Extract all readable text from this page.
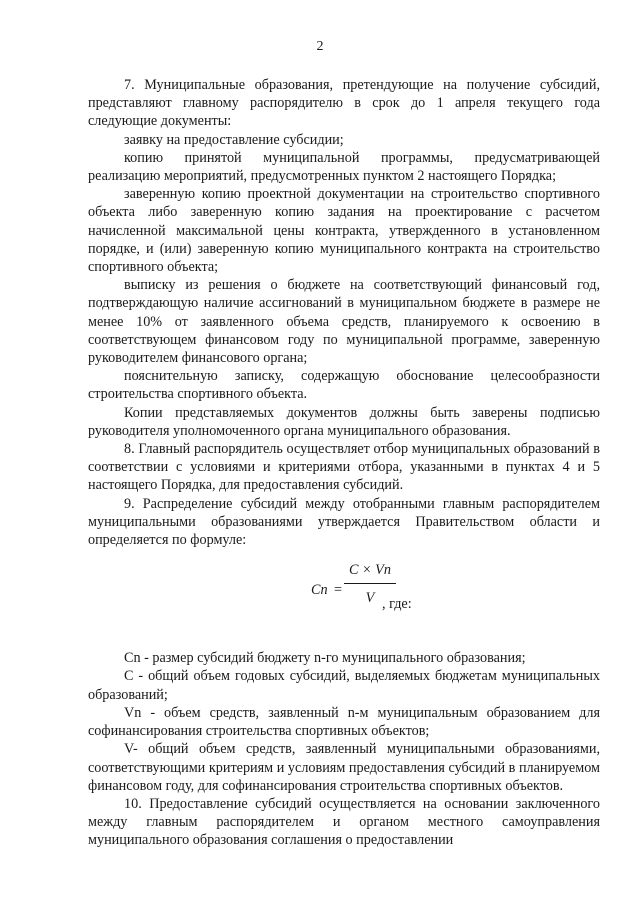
2

7. Муниципальные образования, претендующие на получение субсидий, представляют главному распорядителю в срок до 1 апреля текущего года следующие документы:

заявку на предоставление субсидии;

копию принятой муниципальной программы, предусматривающей реализацию мероприятий, предусмотренных пунктом 2 настоящего Порядка;

заверенную копию проектной документации на строительство спортивного объекта либо заверенную копию задания на проектирование с расчетом начисленной максимальной цены контракта, утвержденного в установленном порядке, и (или) заверенную копию муниципального контракта на строительство спортивного объекта;

выписку из решения о бюджете на соответствующий финансовый год, подтверждающую наличие ассигнований в муниципальном бюджете в размере не менее 10% от заявленного объема средств, планируемого к освоению в соответствующем финансовом году по муниципальной программе, заверенную руководителем финансового органа;

пояснительную записку, содержащую обоснование целесообразности строительства спортивного объекта.

Копии представляемых документов должны быть заверены подписью руководителя уполномоченного органа муниципального образования.

8. Главный распорядитель осуществляет отбор муниципальных образований в соответствии с условиями и критериями отбора, указанными в пунктах 4 и 5 настоящего Порядка, для предоставления субсидий.

9. Распределение субсидий между отобранными главным распорядителем муниципальными образованиями утверждается Правительством области и определяется по формуле:

Cn =
C × Vn
V , где:

Cn - размер субсидий бюджету n-го муниципального образования;

C - общий объем годовых субсидий, выделяемых бюджетам муниципальных образований;

Vn - объем средств, заявленный n-м муниципальным образованием для софинансирования строительства спортивных объектов;

V- общий объем средств, заявленный муниципальными образованиями, соответствующими критериям и условиям предоставления субсидий в планируемом финансовом году, для софинансирования строительства спортивных объектов.

10. Предоставление субсидий осуществляется на основании заключенного между главным распорядителем и органом местного самоуправления муниципального образования соглашения о предоставлении
